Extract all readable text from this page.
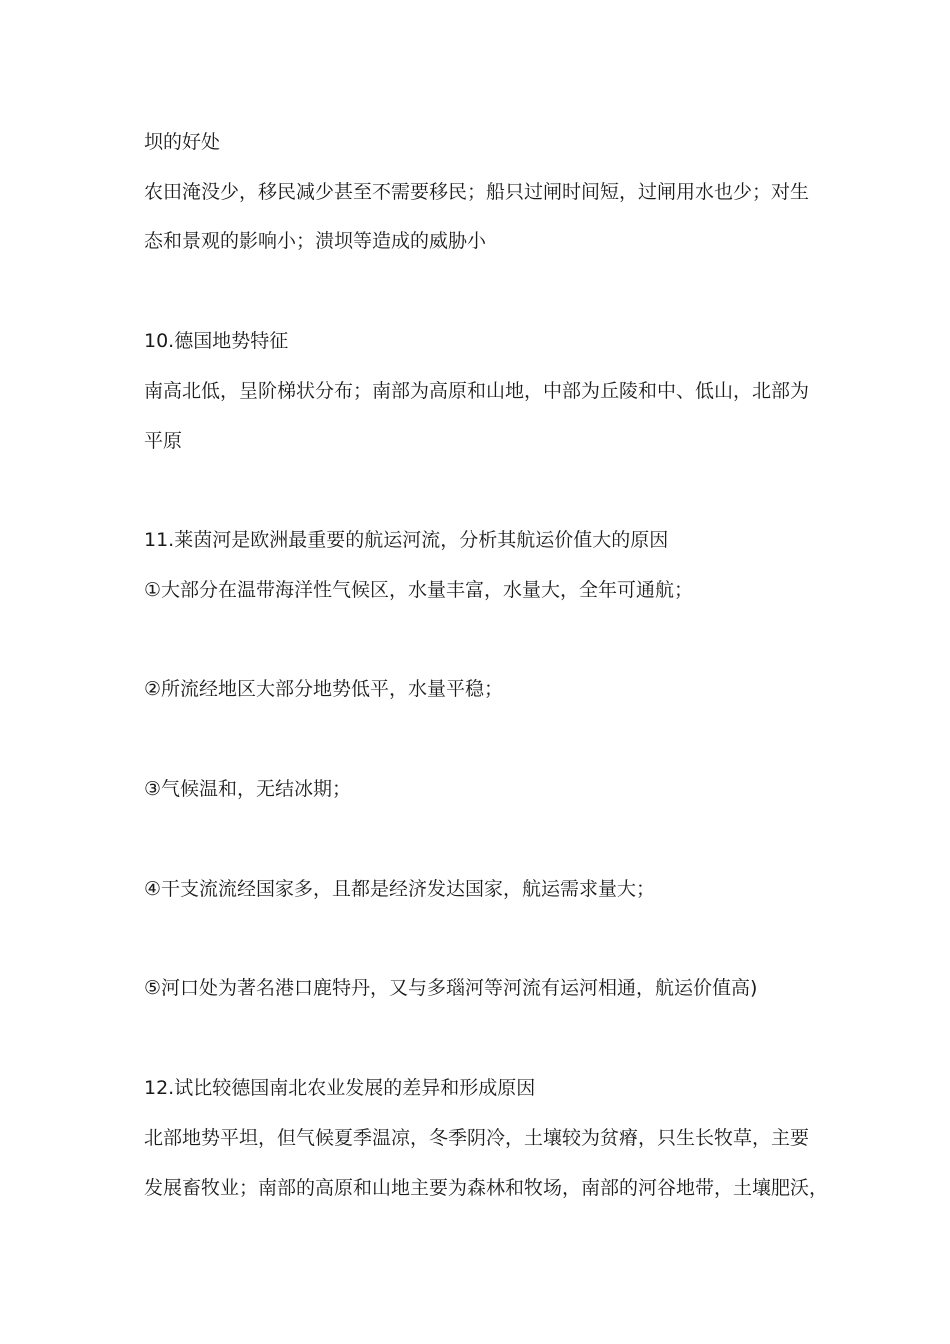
坝的好处
农田淹没少，移民减少甚至不需要移民；船只过闸时间短，过闸用水也少；对生
态和景观的影响小；溃坝等造成的威胁小
10.德国地势特征
南高北低，呈阶梯状分布；南部为高原和山地，中部为丘陵和中、低山，北部为
平原
11.莱茵河是欧洲最重要的航运河流，分析其航运价值大的原因
①大部分在温带海洋性气候区，水量丰富，水量大，全年可通航；
②所流经地区大部分地势低平，水量平稳；
③气候温和，无结冰期；
④干支流流经国家多，且都是经济发达国家，航运需求量大；
⑤河口处为著名港口鹿特丹，又与多瑙河等河流有运河相通，航运价值高)
12.试比较德国南北农业发展的差异和形成原因
北部地势平坦，但气候夏季温凉，冬季阴冷，土壤较为贫瘠，只生长牧草，主要
发展畜牧业；南部的高原和山地主要为森林和牧场，南部的河谷地带，土壤肥沃，
